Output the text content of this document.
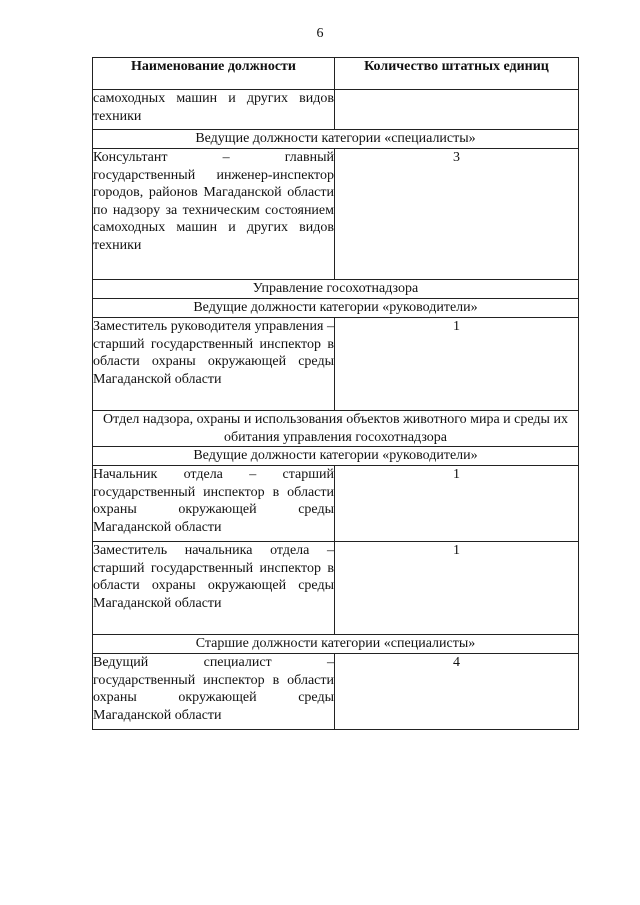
6
Наименование должности	Количество штатных единиц
самоходных машин и других видов техники	
Ведущие должности категории «специалисты»	
Консультант – главный государственный инженер-инспектор городов, районов Магаданской области по надзору за техническим состоянием самоходных машин и других видов техники	3
Управление госохотнадзора	
Ведущие должности категории «руководители»	
Заместитель руководителя управления – старший государственный инспектор в области охраны окружающей среды Магаданской области	1
Отдел надзора, охраны и использования объектов животного мира и среды их обитания управления госохотнадзора	
Ведущие должности категории «руководители»	
Начальник отдела – старший государственный инспектор в области охраны окружающей среды Магаданской области	1
Заместитель начальника отдела – старший государственный инспектор в области охраны окружающей среды Магаданской области	1
Старшие должности категории «специалисты»	
Ведущий специалист – государственный инспектор в области охраны окружающей среды Магаданской области	4
